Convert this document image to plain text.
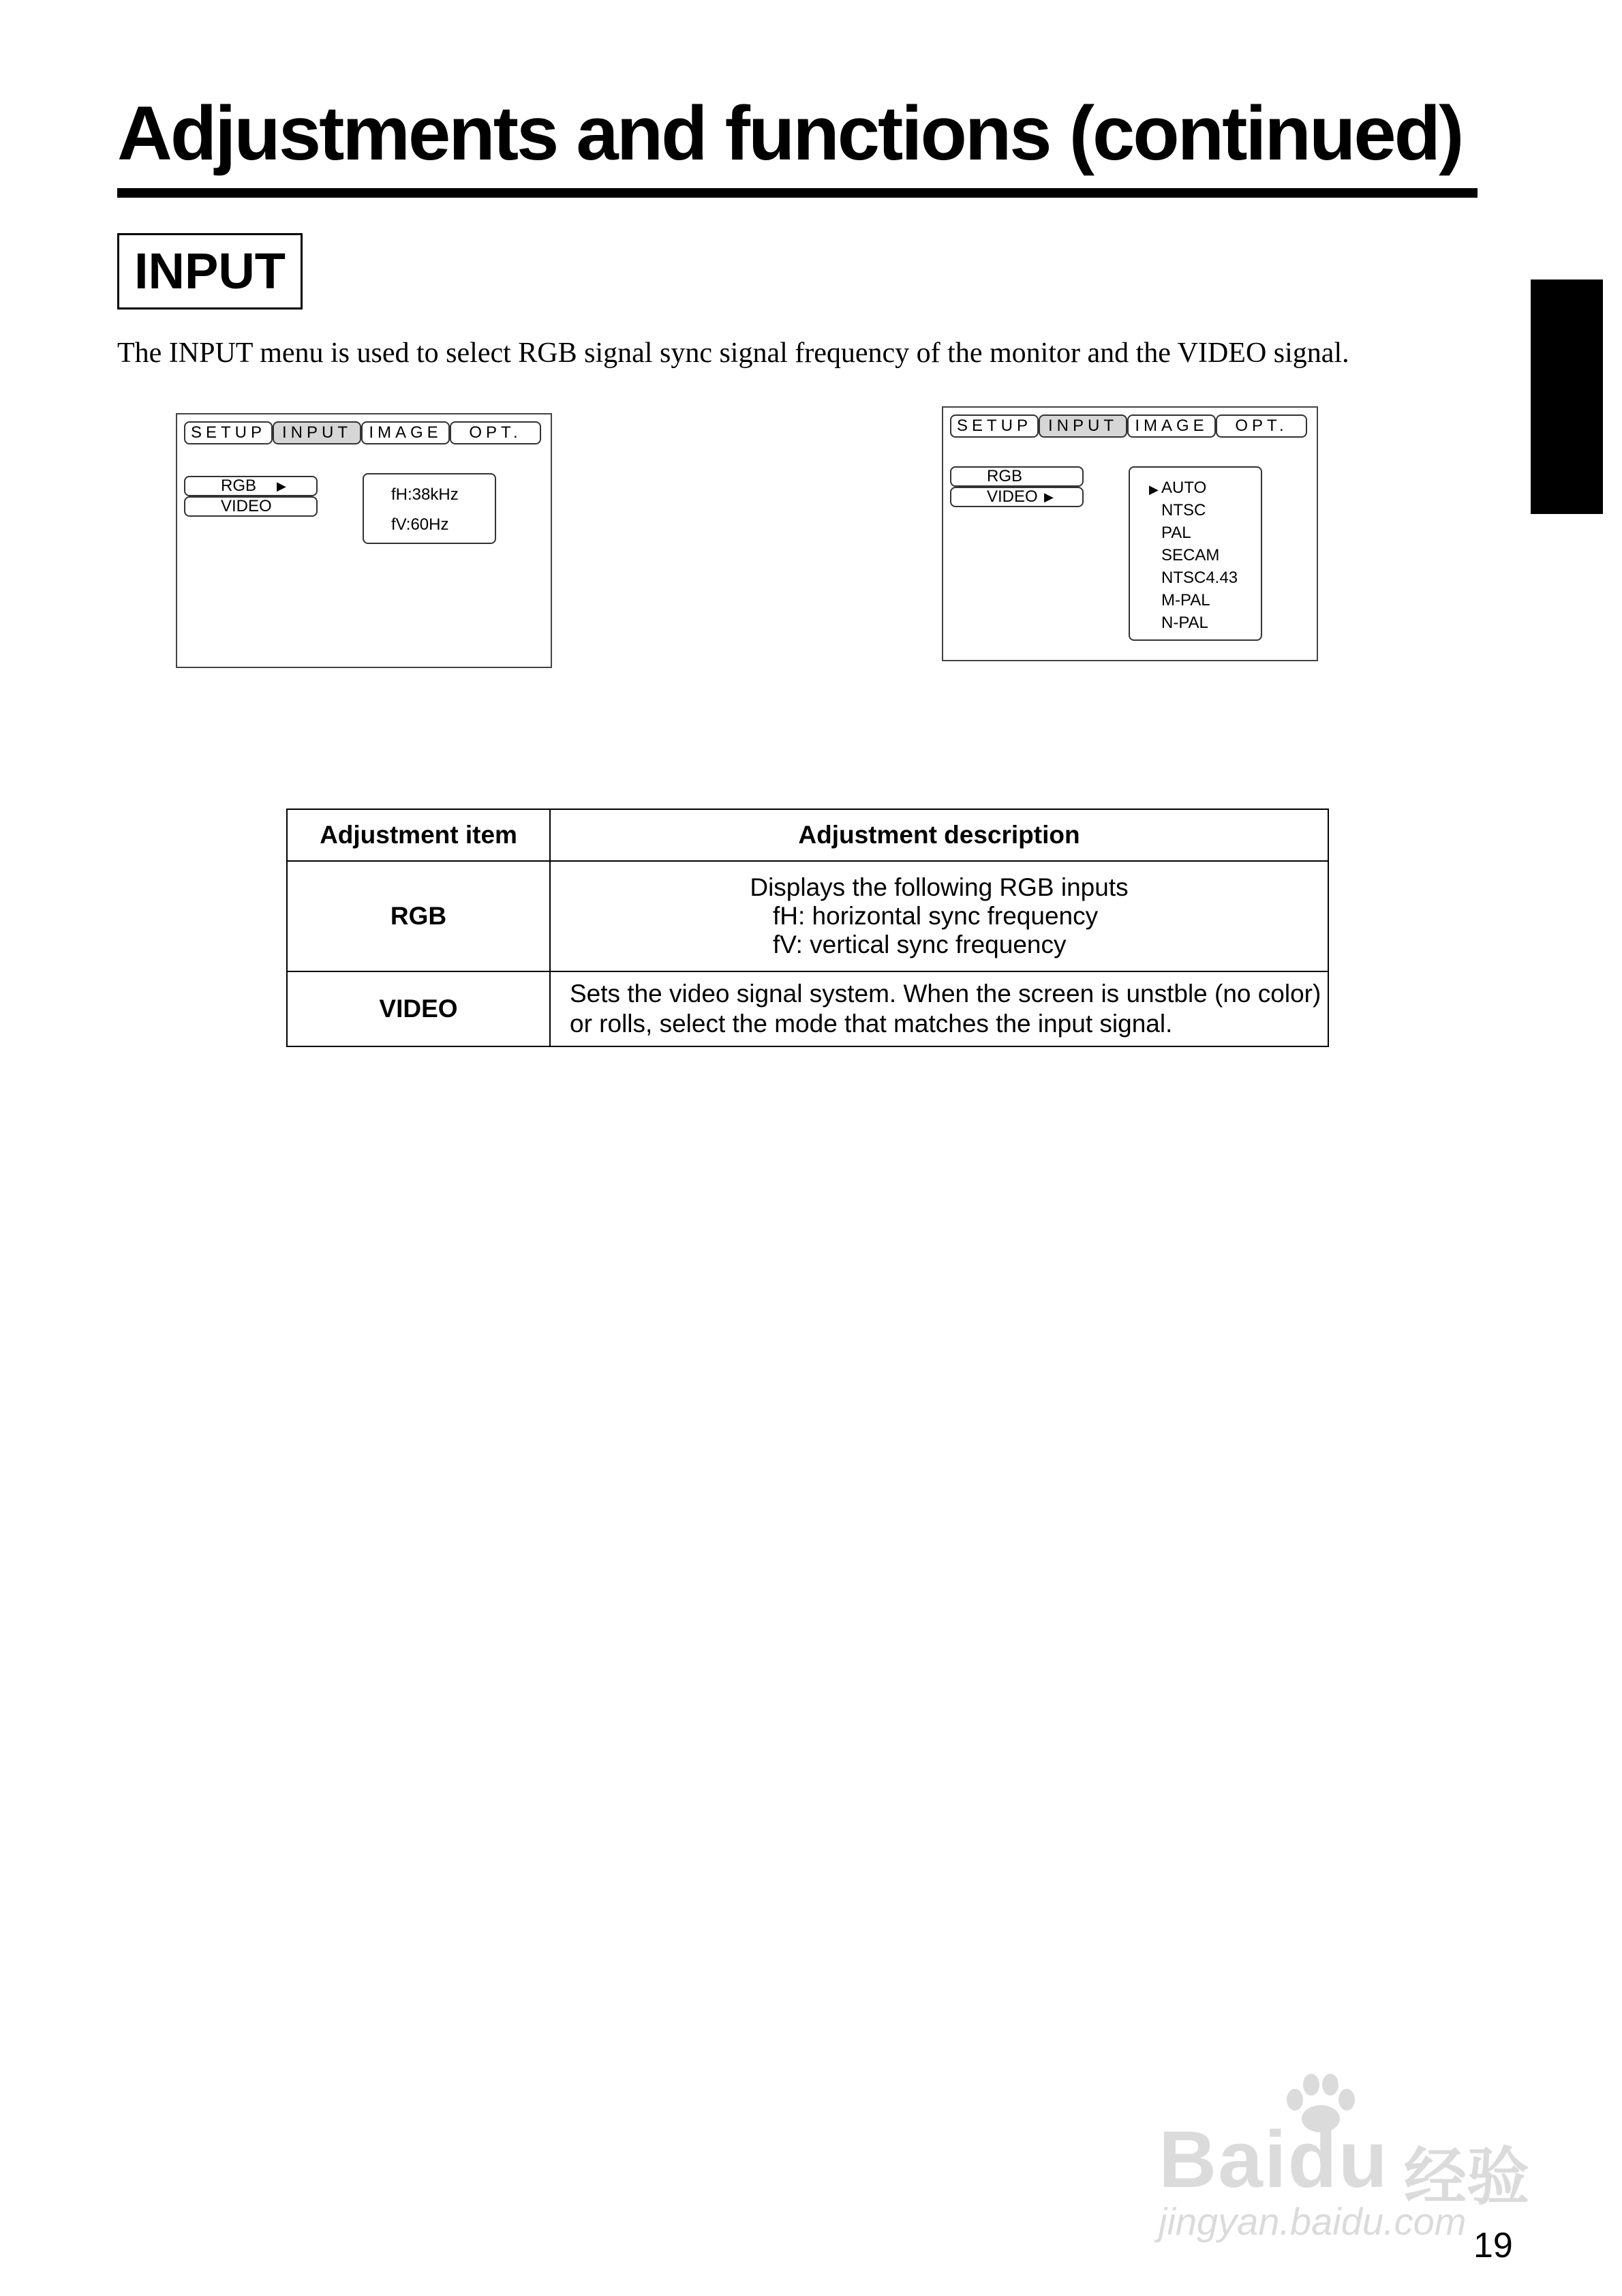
Adjustments and functions (continued)
INPUT

The INPUT menu is used to select RGB signal sync signal frequency of the monitor and the VIDEO signal.

SETUP	INPUT	IMAGE	OPT.
RGB ▶
VIDEO
fH:38kHz
fV:60Hz
SETUP	INPUT	IMAGE	OPT.
RGB
VIDEO ▶
▶ AUTO
NTSC
PAL
SECAM
NTSC4.43
M-PAL
N-PAL
Adjustment item	Adjustment description
RGB	Displays the following RGB inputs
fH: horizontal sync frequency
fV: vertical sync frequency

VIDEO	Sets the video signal system. When the screen is unstble (no color)
or rolls, select the mode that matches the input signal.
Baidu 经验
jingyan.baidu.com
19
